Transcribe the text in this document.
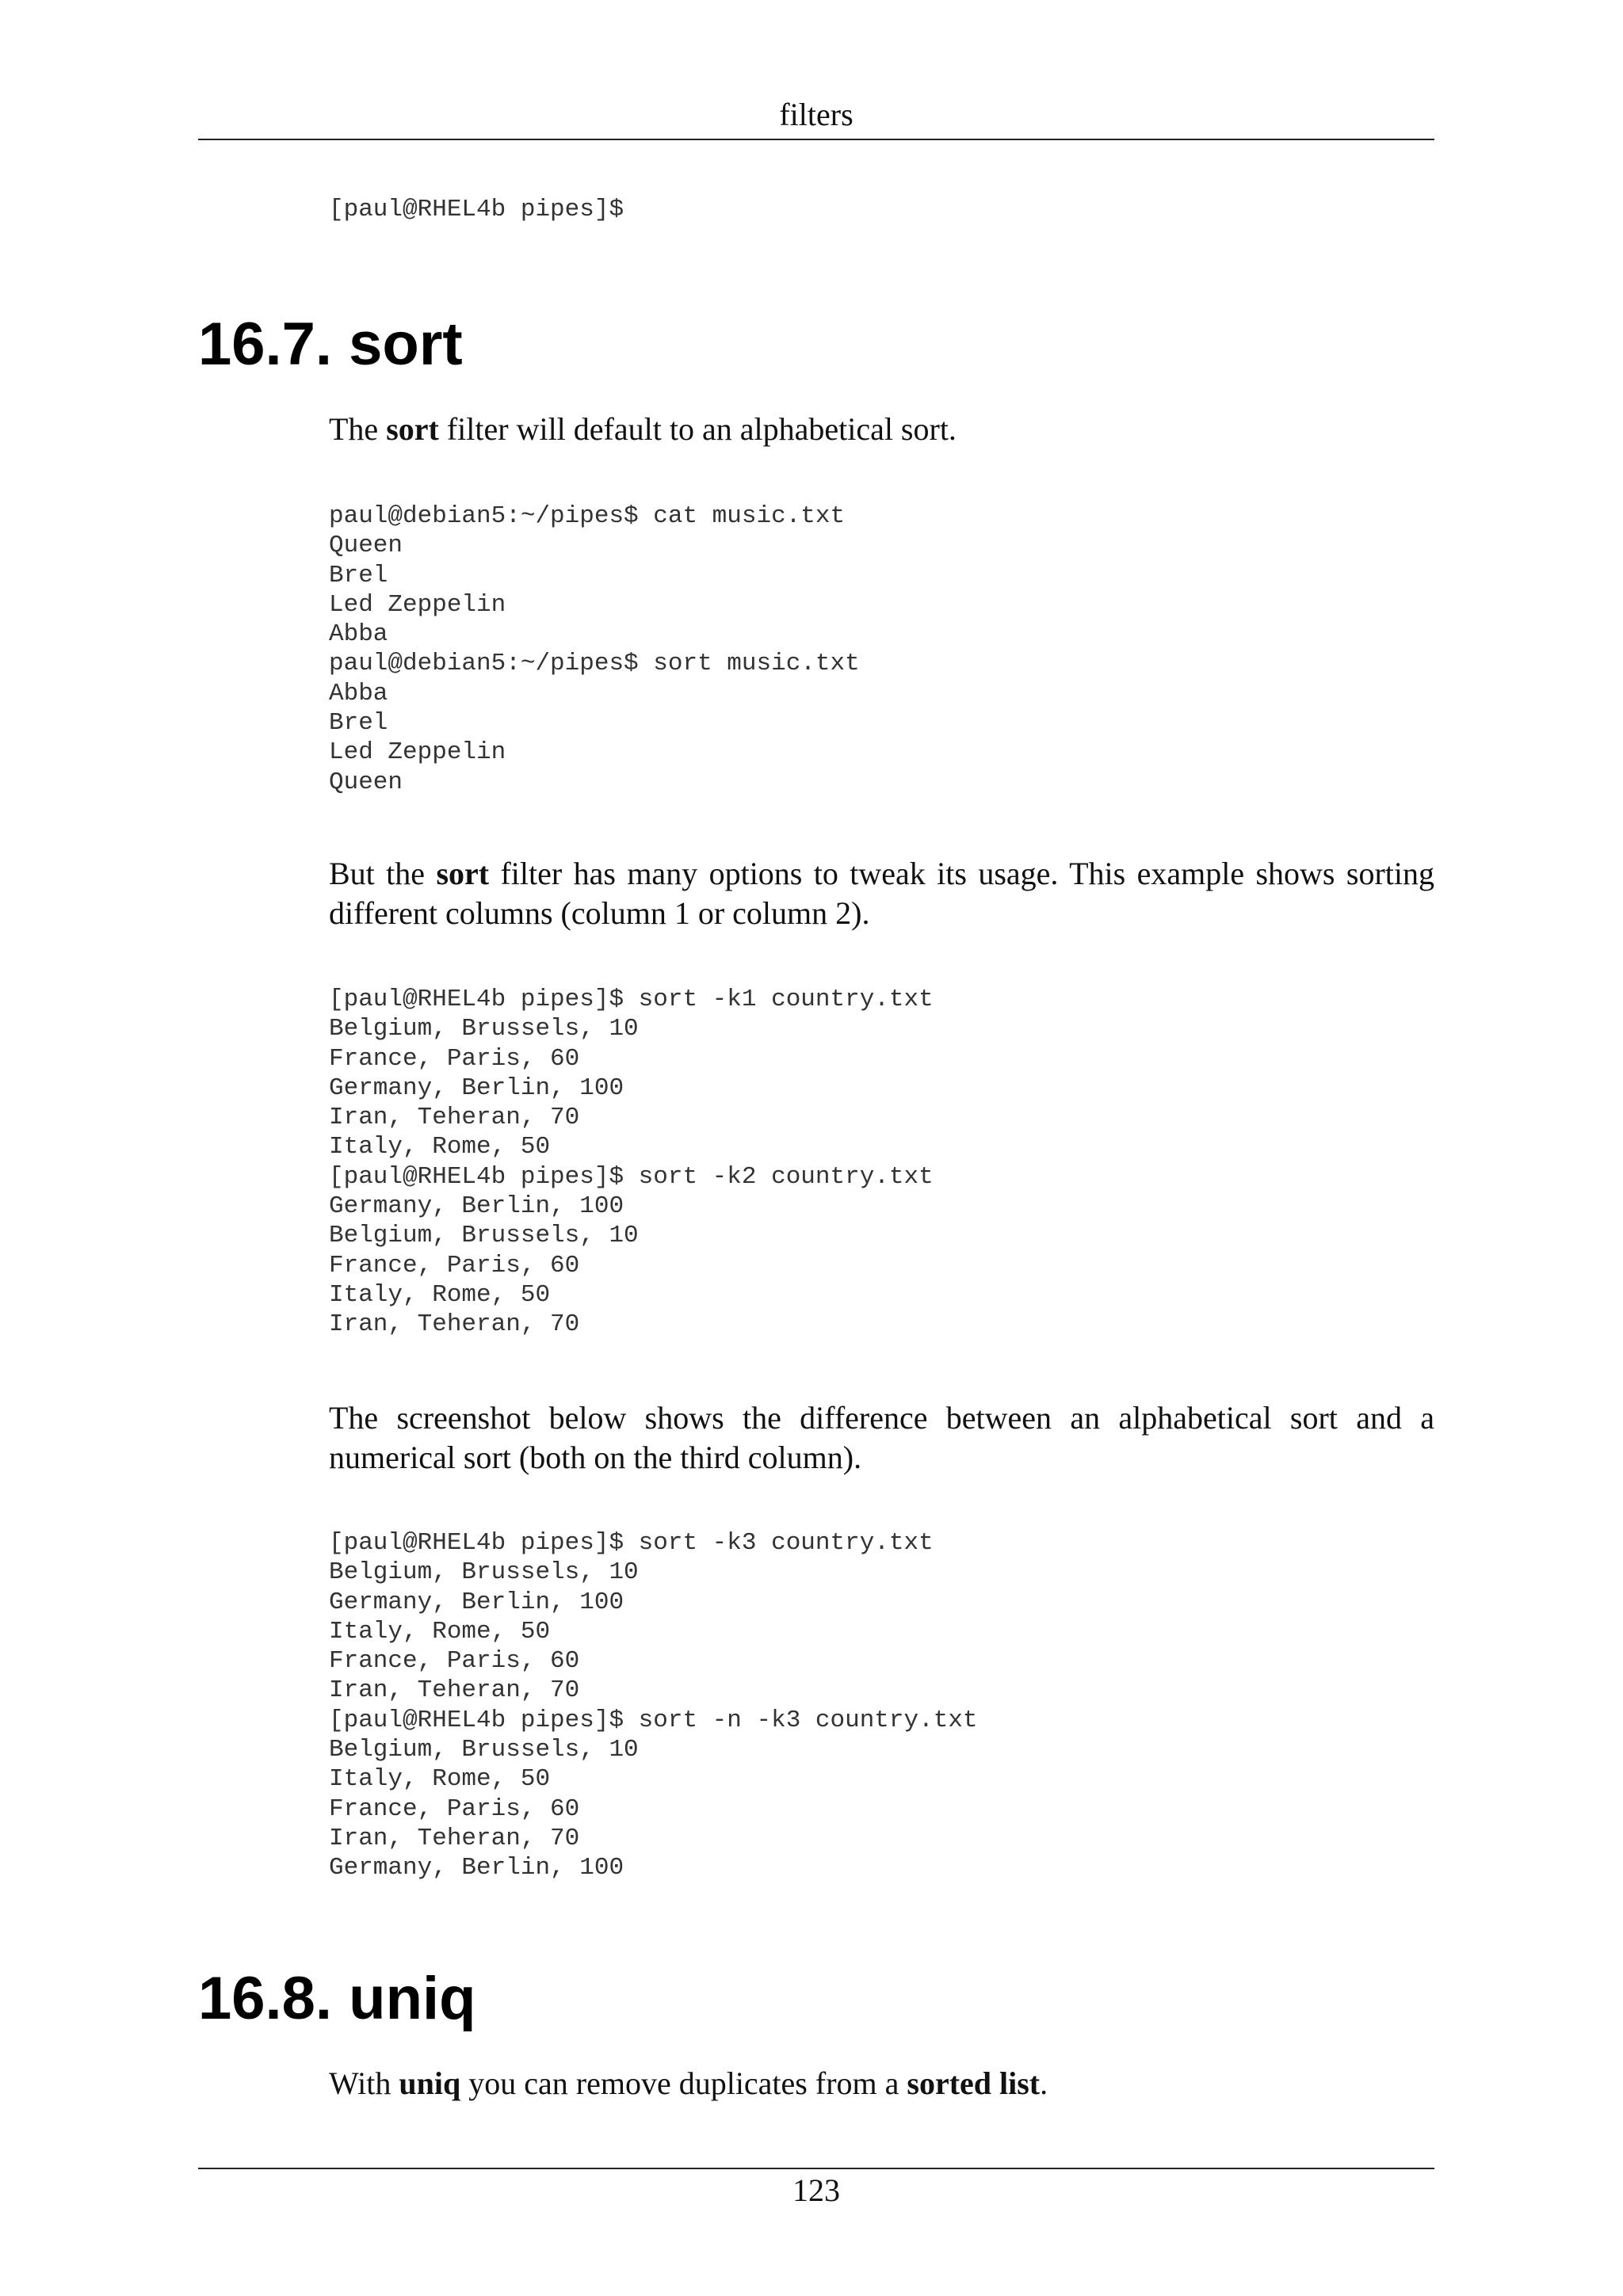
filters
[paul@RHEL4b pipes]$
16.7. sort

The sort filter will default to an alphabetical sort.

paul@debian5:~/pipes$ cat music.txt
Queen
Brel
Led Zeppelin
Abba
paul@debian5:~/pipes$ sort music.txt
Abba
Brel
Led Zeppelin
Queen

But the sort filter has many options to tweak its usage. This example shows sorting different columns (column 1 or column 2).

[paul@RHEL4b pipes]$ sort -k1 country.txt
Belgium, Brussels, 10
France, Paris, 60
Germany, Berlin, 100
Iran, Teheran, 70
Italy, Rome, 50
[paul@RHEL4b pipes]$ sort -k2 country.txt
Germany, Berlin, 100
Belgium, Brussels, 10
France, Paris, 60
Italy, Rome, 50
Iran, Teheran, 70

The screenshot below shows the difference between an alphabetical sort and a numerical sort (both on the third column).

[paul@RHEL4b pipes]$ sort -k3 country.txt
Belgium, Brussels, 10
Germany, Berlin, 100
Italy, Rome, 50
France, Paris, 60
Iran, Teheran, 70
[paul@RHEL4b pipes]$ sort -n -k3 country.txt
Belgium, Brussels, 10
Italy, Rome, 50
France, Paris, 60
Iran, Teheran, 70
Germany, Berlin, 100
16.8. uniq

With uniq you can remove duplicates from a sorted list.

123
